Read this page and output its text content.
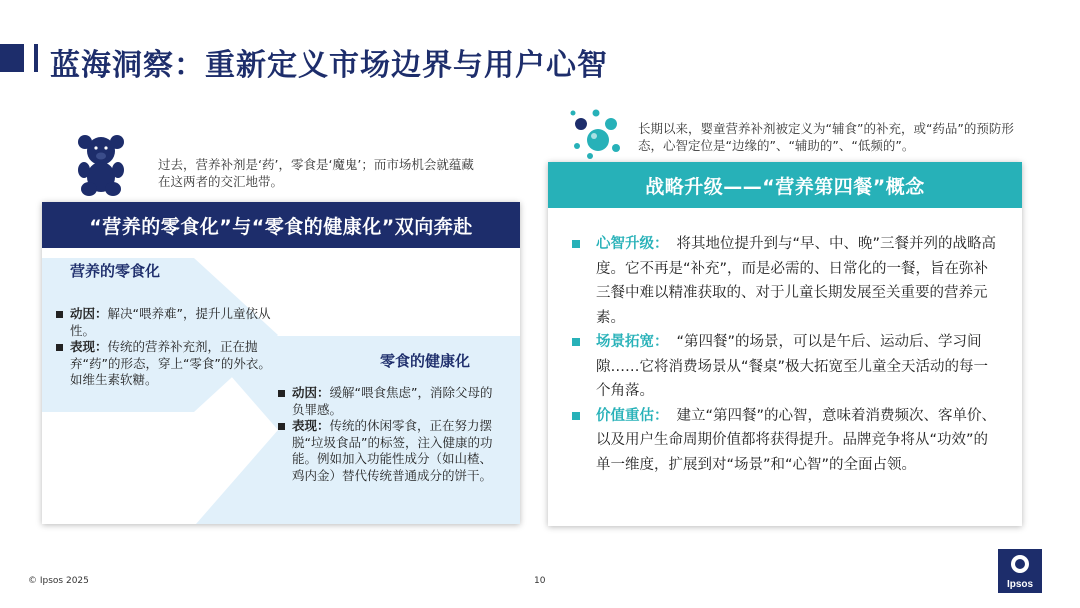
蓝海洞察：重新定义市场边界与用户心智
过去，营养补剂是‘药’，零食是‘魔鬼’；而市场机会就蕴藏在这两者的交汇地带。
“营养的零食化”与“零食的健康化”双向奔赴
营养的零食化
动因：解决“喂养难”，提升儿童依从性。
表现：传统的营养补充剂，正在抛弃“药”的形态，穿上“零食”的外衣。如维生素软糖。
零食的健康化
动因：缓解“喂食焦虑”，消除父母的负罪感。
表现：传统的休闲零食，正在努力摆脱“垃圾食品”的标签，注入健康的功能。例如加入功能性成分（如山楂、鸡内金）替代传统普通成分的饼干。
长期以来，婴童营养补剂被定义为“辅食”的补充，或“药品”的预防形态，心智定位是“边缘的”、“辅助的”、“低频的”。
战略升级——“营养第四餐”概念
心智升级： 将其地位提升到与“早、中、晚”三餐并列的战略高度。它不再是“补充”，而是必需的、日常化的一餐，旨在弥补三餐中难以精准获取的、对于儿童长期发展至关重要的营养元素。
场景拓宽： “第四餐”的场景，可以是午后、运动后、学习间隙……它将消费场景从“餐桌”极大拓宽至儿童全天活动的每一个角落。
价值重估： 建立“第四餐”的心智，意味着消费频次、客单价、以及用户生命周期价值都将获得提升。品牌竞争将从“功效”的单一维度，扩展到对“场景”和“心智”的全面占领。
© Ipsos 2025	10	Ipsos
